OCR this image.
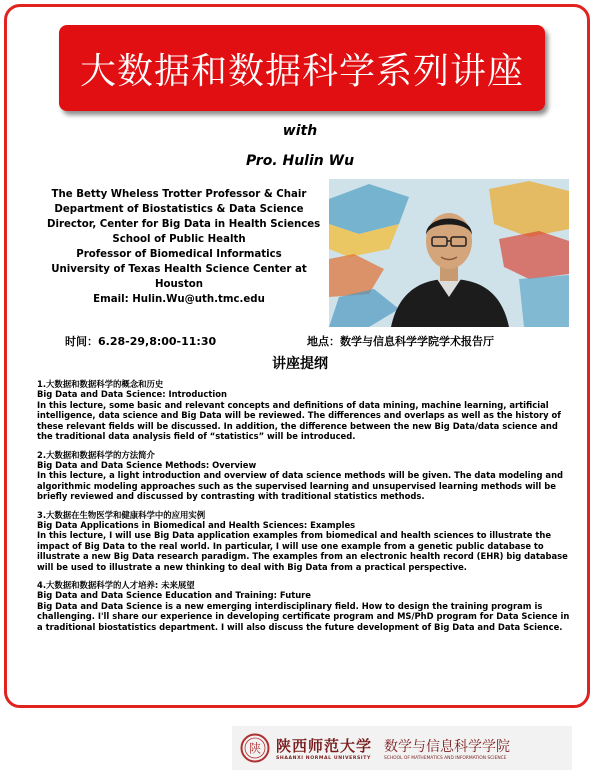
大数据和数据科学系列讲座
with
Pro. Hulin Wu
The Betty Wheless Trotter Professor & Chair
Department of Biostatistics & Data Science
Director, Center for Big Data in Health Sciences
School of Public Health
Professor of Biomedical Informatics
University of Texas Health Science Center at
Houston
Email: Hulin.Wu@uth.tmc.edu
时间：6.28-29,8:00-11:30	地点：数学与信息科学学院学术报告厅
讲座提纲
1.大数据和数据科学的概念和历史
Big Data and Data Science: Introduction
In this lecture, some basic and relevant concepts and definitions of data mining, machine learning, artificial intelligence, data science and Big Data will be reviewed. The differences and overlaps as well as the history of these relevant fields will be discussed. In addition, the difference between the new Big Data/data science and the traditional data analysis field of “statistics” will be introduced.
2.大数据和数据科学的方法简介
Big Data and Data Science Methods: Overview
In this lecture, a light introduction and overview of data science methods will be given. The data modeling and algorithmic modeling approaches such as the supervised learning and unsupervised learning methods will be briefly reviewed and discussed by contrasting with traditional statistics methods.
3.大数据在生物医学和健康科学中的应用实例
Big Data Applications in Biomedical and Health Sciences: Examples
In this lecture, I will use Big Data application examples from biomedical and health sciences to illustrate the impact of Big Data to the real world. In particular, I will use one example from a genetic public database to illustrate a new Big Data research paradigm. The examples from an electronic health record (EHR) big database will be used to illustrate a new thinking to deal with Big Data from a practical perspective.
4.大数据和数据科学的人才培养: 未来展望
Big Data and Data Science Education and Training: Future
Big Data and Data Science is a new emerging interdisciplinary field. How to design the training program is challenging. I'll share our experience in developing certificate program and MS/PhD program for Data Science in a traditional biostatistics department. I will also discuss the future development of Big Data and Data Science.
陕 陕西师范大学
SHAANXI NORMAL UNIVERSITY
数学与信息科学学院
SCHOOL OF MATHEMATICS AND INFORMATION SCIENCE
